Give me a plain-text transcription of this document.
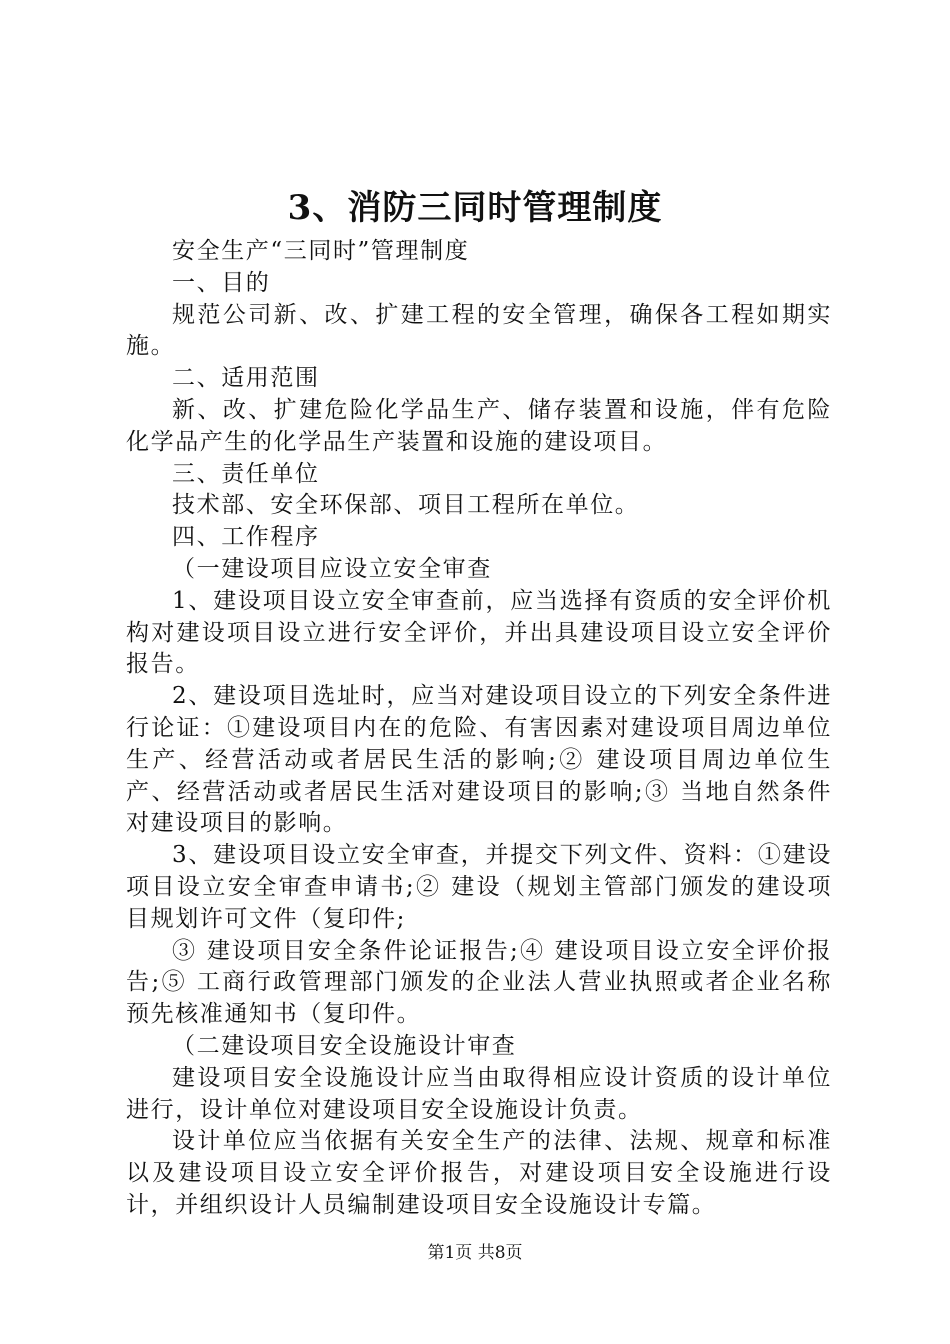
3、消防三同时管理制度

安全生产“三同时”管理制度

一、目的

规范公司新、改、扩建工程的安全管理，确保各工程如期实施。

二、适用范围

新、改、扩建危险化学品生产、储存装置和设施，伴有危险化学品产生的化学品生产装置和设施的建设项目。

三、责任单位

技术部、安全环保部、项目工程所在单位。

四、工作程序

（一建设项目应设立安全审查

1、建设项目设立安全审查前，应当选择有资质的安全评价机构对建设项目设立进行安全评价，并出具建设项目设立安全评价报告。

2、建设项目选址时，应当对建设项目设立的下列安全条件进行论证：①建设项目内在的危险、有害因素对建设项目周边单位生产、经营活动或者居民生活的影响;② 建设项目周边单位生产、经营活动或者居民生活对建设项目的影响;③ 当地自然条件对建设项目的影响。

3、建设项目设立安全审查，并提交下列文件、资料：①建设项目设立安全审查申请书;② 建设（规划主管部门颁发的建设项目规划许可文件（复印件;

③ 建设项目安全条件论证报告;④ 建设项目设立安全评价报告;⑤ 工商行政管理部门颁发的企业法人营业执照或者企业名称预先核准通知书（复印件。

（二建设项目安全设施设计审查

建设项目安全设施设计应当由取得相应设计资质的设计单位进行，设计单位对建设项目安全设施设计负责。

设计单位应当依据有关安全生产的法律、法规、规章和标准以及建设项目设立安全评价报告，对建设项目安全设施进行设计，并组织设计人员编制建设项目安全设施设计专篇。

第1页 共8页
